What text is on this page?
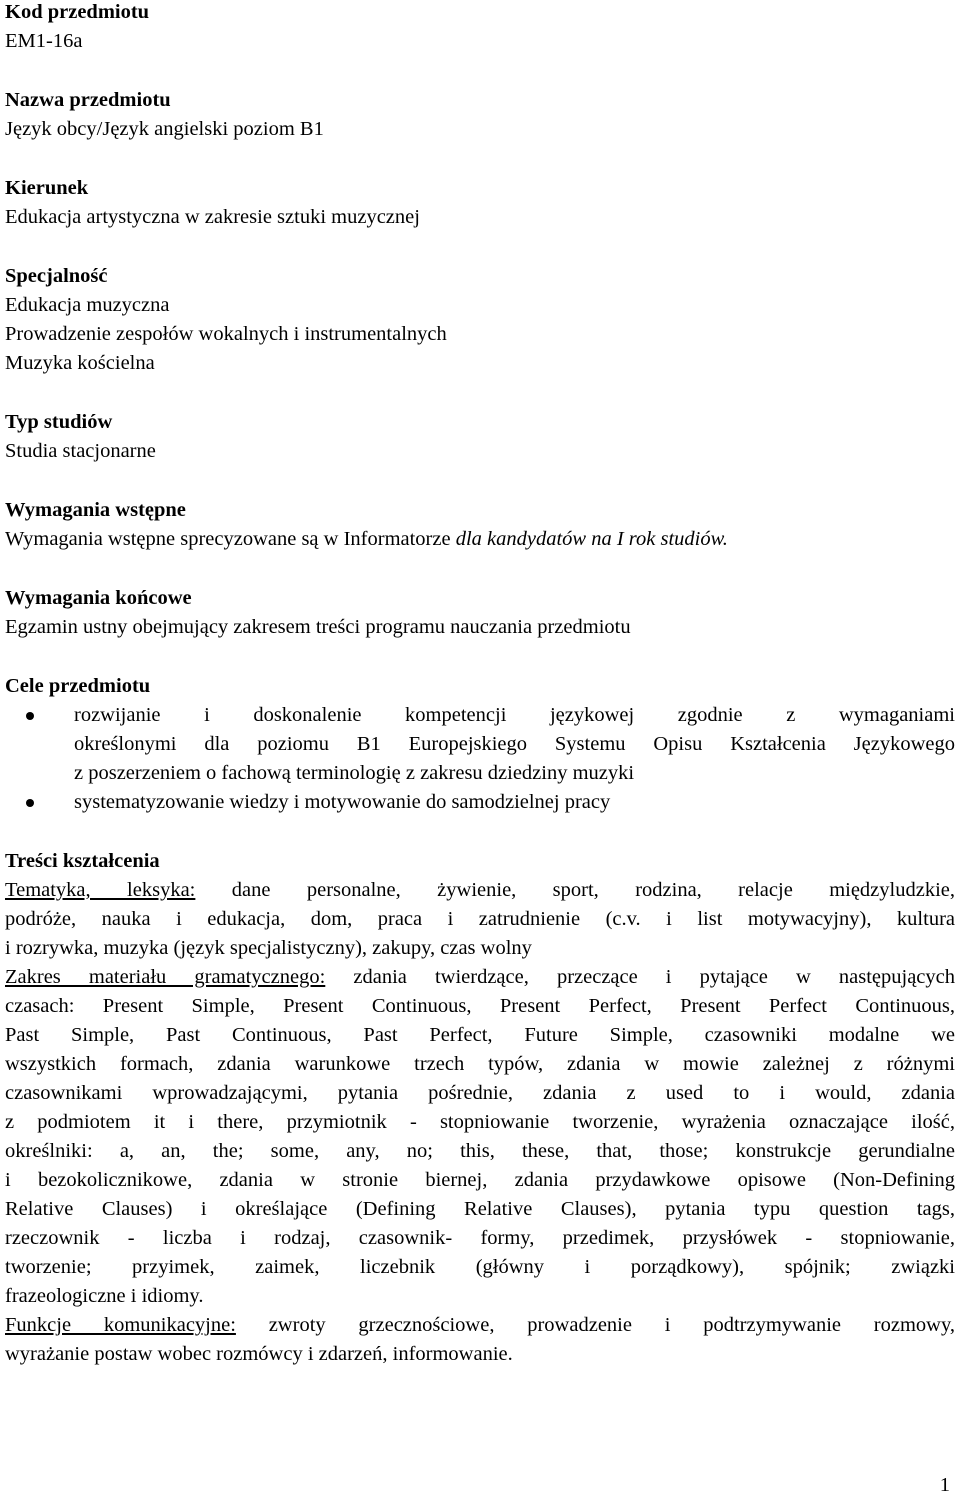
Kod przedmiotu

EM1-16a

Nazwa przedmiotu

Język obcy/Język angielski poziom B1

Kierunek

Edukacja artystyczna w zakresie sztuki muzycznej

Specjalność

Edukacja muzyczna

Prowadzenie zespołów wokalnych i instrumentalnych

Muzyka kościelna

Typ studiów

Studia stacjonarne

Wymagania wstępne

Wymagania wstępne sprecyzowane są w Informatorze dla kandydatów na I rok studiów.

Wymagania końcowe

Egzamin ustny obejmujący zakresem treści programu nauczania przedmiotu

Cele przedmiotu

rozwijanie i doskonalenie kompetencji językowej zgodnie z wymaganiami

określonymi dla poziomu B1 Europejskiego Systemu Opisu Kształcenia Językowego

z poszerzeniem o fachową terminologię z zakresu dziedziny muzyki

systematyzowanie wiedzy i motywowanie do samodzielnej pracy

Treści kształcenia

Tematyka, leksyka: dane personalne, żywienie, sport, rodzina, relacje międzyludzkie,

podróże, nauka i edukacja, dom, praca i zatrudnienie (c.v. i list motywacyjny), kultura

i rozrywka, muzyka (język specjalistyczny), zakupy, czas wolny

Zakres materiału gramatycznego: zdania twierdzące, przeczące i pytające w następujących

czasach: Present Simple, Present Continuous, Present Perfect, Present Perfect Continuous,

Past Simple, Past Continuous, Past Perfect, Future Simple, czasowniki modalne we

wszystkich formach, zdania warunkowe trzech typów, zdania w mowie zależnej z różnymi

czasownikami wprowadzającymi, pytania pośrednie, zdania z used to i would, zdania

z podmiotem it i there, przymiotnik - stopniowanie tworzenie, wyrażenia oznaczające ilość,

określniki: a, an, the; some, any, no; this, these, that, those; konstrukcje gerundialne

i bezokolicznikowe, zdania w stronie biernej, zdania przydawkowe opisowe (Non-Defining

Relative Clauses) i określające (Defining Relative Clauses), pytania typu question tags,

rzeczownik - liczba i rodzaj, czasownik- formy, przedimek, przysłówek - stopniowanie,

tworzenie; przyimek, zaimek, liczebnik (główny i porządkowy), spójnik; związki

frazeologiczne i idiomy.

Funkcje komunikacyjne: zwroty grzecznościowe, prowadzenie i podtrzymywanie rozmowy,

wyrażanie postaw wobec rozmówcy i zdarzeń, informowanie.

1
